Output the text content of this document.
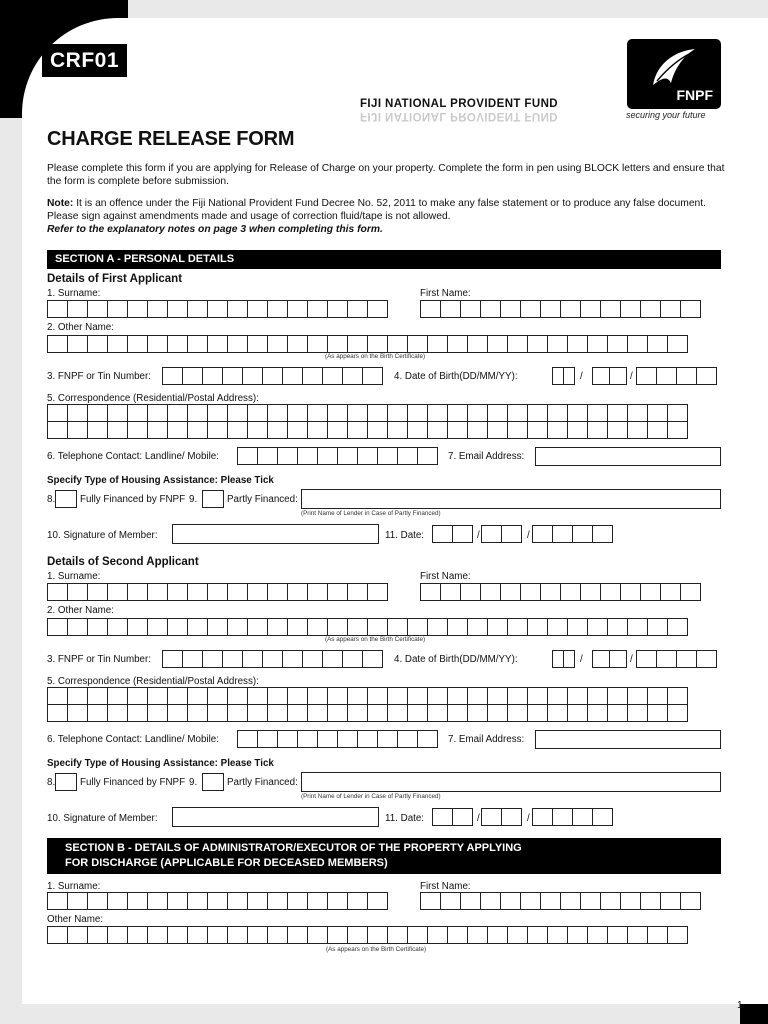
CRF01
FIJI NATIONAL PROVIDENT FUND
FIJI NATIONAL PROVIDENT FUND
FNPF
securing your future
CHARGE RELEASE FORM
Please complete this form if you are applying for Release of Charge on your property. Complete the form in pen using BLOCK letters and ensure that the form is complete before submission.
Note: It is an offence under the Fiji National Provident Fund Decree No. 52, 2011 to make any false statement or to produce any false document. Please sign against amendments made and usage of correction fluid/tape is not allowed.
Refer to the explanatory notes on page 3 when completing this form.
SECTION A - PERSONAL DETAILS
Details of First Applicant
1. Surname:	First Name:
2. Other Name:
(As appears on the Birth Certificate)
3. FNPF or Tin Number:	4. Date of Birth(DD/MM/YY):	/	/
5. Correspondence (Residential/Postal Address):
6. Telephone Contact: Landline/ Mobile:	7. Email Address:
Specify Type of Housing Assistance: Please Tick
8.	Fully Financed by FNPF 9.	Partly Financed:
(Print Name of Lender in Case of Partly Financed)
10. Signature of Member:	11. Date:	/	/
Details of Second Applicant
1. Surname:	First Name:
2. Other Name:
(As appears on the Birth Certificate)
3. FNPF or Tin Number:	4. Date of Birth(DD/MM/YY):	/	/
5. Correspondence (Residential/Postal Address):
6. Telephone Contact: Landline/ Mobile:	7. Email Address:
Specify Type of Housing Assistance: Please Tick
8.	Fully Financed by FNPF 9.	Partly Financed:
(Print Name of Lender in Case of Partly Financed)
10. Signature of Member:	11. Date:	/	/
SECTION B - DETAILS OF ADMINISTRATOR/EXECUTOR OF THE PROPERTY APPLYING
FOR DISCHARGE (APPLICABLE FOR DECEASED MEMBERS)
1. Surname:	First Name:
Other Name:
(As appears on the Birth Certificate)
1
